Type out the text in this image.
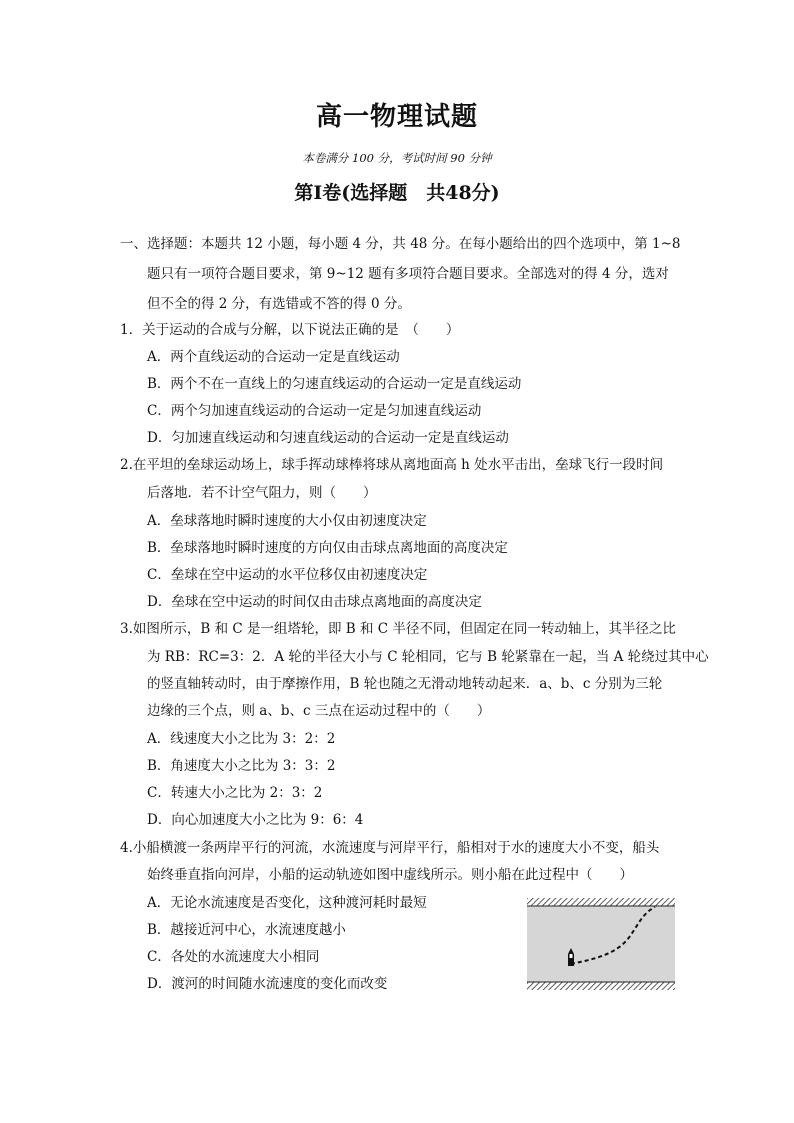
高一物理试题
本卷满分 100 分，考试时间 90 分钟
第Ⅰ卷(选择题　共48分)
一、选择题：本题共 12 小题，每小题 4 分，共 48 分。在每小题给出的四个选项中，第 1~8
题只有一项符合题目要求，第 9~12 题有多项符合题目要求。全部选对的得 4 分，选对
但不全的得 2 分，有选错或不答的得 0 分。
1．关于运动的合成与分解，以下说法正确的是　（　　）
A．两个直线运动的合运动一定是直线运动
B．两个不在一直线上的匀速直线运动的合运动一定是直线运动
C．两个匀加速直线运动的合运动一定是匀加速直线运动
D．匀加速直线运动和匀速直线运动的合运动一定是直线运动
2.在平坦的垒球运动场上，球手挥动球棒将球从离地面高 h 处水平击出，垒球飞行一段时间
后落地．若不计空气阻力，则（　　）
A．垒球落地时瞬时速度的大小仅由初速度决定
B．垒球落地时瞬时速度的方向仅由击球点离地面的高度决定
C．垒球在空中运动的水平位移仅由初速度决定
D．垒球在空中运动的时间仅由击球点离地面的高度决定
3.如图所示，B 和 C 是一组塔轮，即 B 和 C 半径不同，但固定在同一转动轴上，其半径之比
为 RB：RC=3：2．A 轮的半径大小与 C 轮相同，它与 B 轮紧靠在一起，当 A 轮绕过其中心
的竖直轴转动时，由于摩擦作用，B 轮也随之无滑动地转动起来．a、b、c 分别为三轮
边缘的三个点，则 a、b、c 三点在运动过程中的（　　）
A．线速度大小之比为 3：2：2
B．角速度大小之比为 3：3：2
C．转速大小之比为 2：3：2
D．向心加速度大小之比为 9：6：4
4.小船横渡一条两岸平行的河流，水流速度与河岸平行，船相对于水的速度大小不变，船头
始终垂直指向河岸，小船的运动轨迹如图中虚线所示。则小船在此过程中（　　）
A．无论水流速度是否变化，这种渡河耗时最短
B．越接近河中心，水流速度越小
C．各处的水流速度大小相同
D．渡河的时间随水流速度的变化而改变
